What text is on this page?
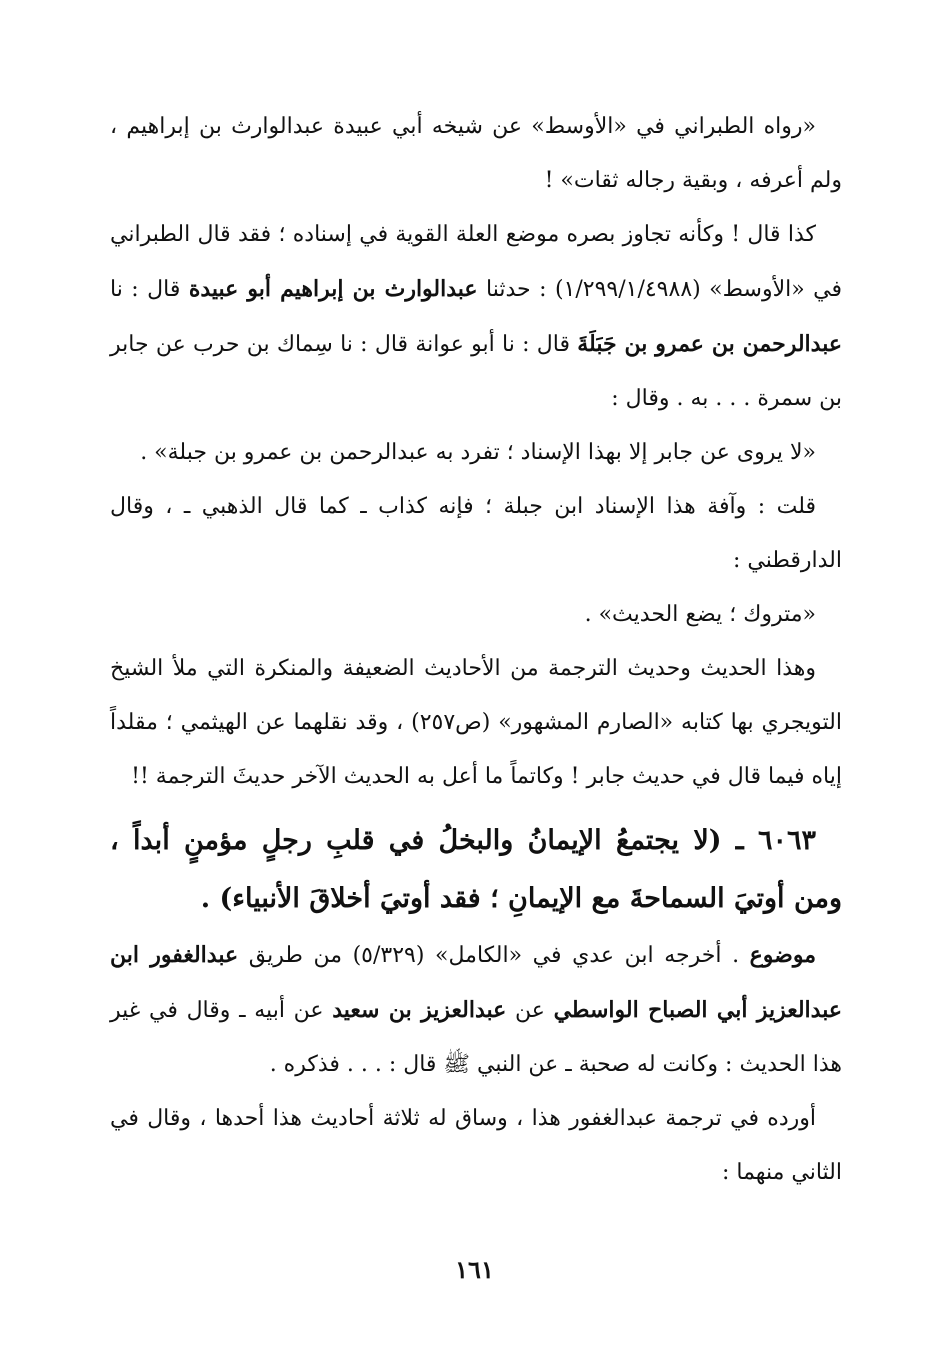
«رواه الطبراني في «الأوسط» عن شيخه أبي عبيدة عبدالوارث بن إبراهيم ، ولم أعرفه ، وبقية رجاله ثقات» !

كذا قال ! وكأنه تجاوز بصره موضع العلة القوية في إسناده ؛ فقد قال الطبراني في «الأوسط» (١/٢٩٩/١/٤٩٨٨) : حدثنا عبدالوارث بن إبراهيم أبو عبيدة قال : نا عبدالرحمن بن عمرو بن جَبَلَةَ قال : نا أبو عوانة قال : نا سِماك بن حرب عن جابر بن سمرة . . . به . وقال :

«لا يروى عن جابر إلا بهذا الإسناد ؛ تفرد به عبدالرحمن بن عمرو بن جبلة» .

قلت : وآفة هذا الإسناد ابن جبلة ؛ فإنه كذاب ـ كما قال الذهبي ـ ، وقال الدارقطني :

«متروك ؛ يضع الحديث» .

وهذا الحديث وحديث الترجمة من الأحاديث الضعيفة والمنكرة التي ملأ الشيخ التويجري بها كتابه «الصارم المشهور» (ص٢٥٧) ، وقد نقلهما عن الهيثمي ؛ مقلداً إياه فيما قال في حديث جابر ! وكاتماً ما أعل به الحديث الآخر حديثَ الترجمة !!

٦٠٦٣ ـ (لا يجتمعُ الإيمانُ والبخلُ في قلبِ رجلٍ مؤمنٍ أبداً ، ومن أوتيَ السماحةَ مع الإيمانِ ؛ فقد أوتيَ أخلاقَ الأنبياء) .

موضوع . أخرجه ابن عدي في «الكامل» (٥/٣٢٩) من طريق عبدالغفور ابن عبدالعزيز أبي الصباح الواسطي عن عبدالعزيز بن سعيد عن أبيه ـ وقال في غير هذا الحديث : وكانت له صحبة ـ عن النبي ﷺ قال : . . . فذكره .

أورده في ترجمة عبدالغفور هذا ، وساق له ثلاثة أحاديث هذا أحدها ، وقال في الثاني منهما :

١٦١
